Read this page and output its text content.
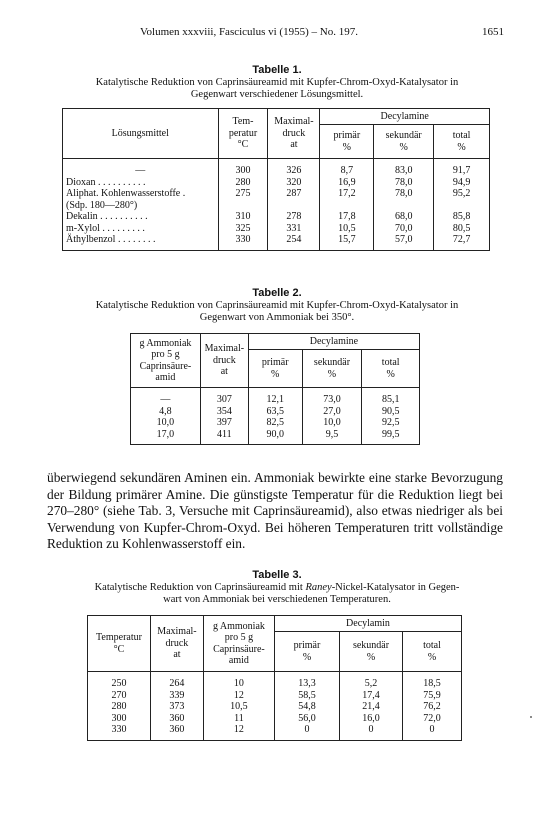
Volumen xxxviii, Fasciculus vi (1955) – No. 197.	1651
Tabelle 1.
Katalytische Reduktion von Caprinsäureamid mit Kupfer-Chrom-Oxyd-Katalysator in
Gegenwart verschiedener Lösungsmittel.
Lösungsmittel	Tem-
peratur
°C	Maximal-
druck
at	Decylamine		
			primär
%	sekundär
%	total
%
—	300	326	8,7	83,0	91,7
Dioxan . . . . . . . . . .	280	320	16,9	78,0	94,9
Aliphat. Kohlenwasserstoffe .	275	287	17,2	78,0	95,2
(Sdp. 180—280°)					
Dekalin . . . . . . . . . .	310	278	17,8	68,0	85,8
m-Xylol . . . . . . . . .	325	331	10,5	70,0	80,5
Äthylbenzol . . . . . . . .	330	254	15,7	57,0	72,7
Tabelle 2.
Katalytische Reduktion von Caprinsäureamid mit Kupfer-Chrom-Oxyd-Katalysator in
Gegenwart von Ammoniak bei 350°.
g Ammoniak
pro 5 g
Caprinsäure-
amid	Maximal-
druck
at	Decylamine		
		primär
%	sekundär
%	total
%
—	307	12,1	73,0	85,1
4,8	354	63,5	27,0	90,5
10,0	397	82,5	10,0	92,5
17,0	411	90,0	9,5	99,5
überwiegend sekundären Aminen ein. Ammoniak bewirkte eine starke Bevorzugung der Bildung primärer Amine. Die günstigste Temperatur für die Reduktion liegt bei 270–280° (siehe Tab. 3, Versuche mit Caprinsäureamid), also etwas niedriger als bei Verwendung von Kupfer-Chrom-Oxyd. Bei höheren Temperaturen tritt vollständige Reduktion zu Kohlenwasserstoff ein.
Tabelle 3.
Katalytische Reduktion von Caprinsäureamid mit Raney-Nickel-Katalysator in Gegen-
wart von Ammoniak bei verschiedenen Temperaturen.
Temperatur
°C	Maximal-
druck
at	g Ammoniak
pro 5 g
Caprinsäure-
amid	Decylamin		
			primär
%	sekundär
%	total
%
250	264	10	13,3	5,2	18,5
270	339	12	58,5	17,4	75,9
280	373	10,5	54,8	21,4	76,2
300	360	11	56,0	16,0	72,0
330	360	12	0	0	0
